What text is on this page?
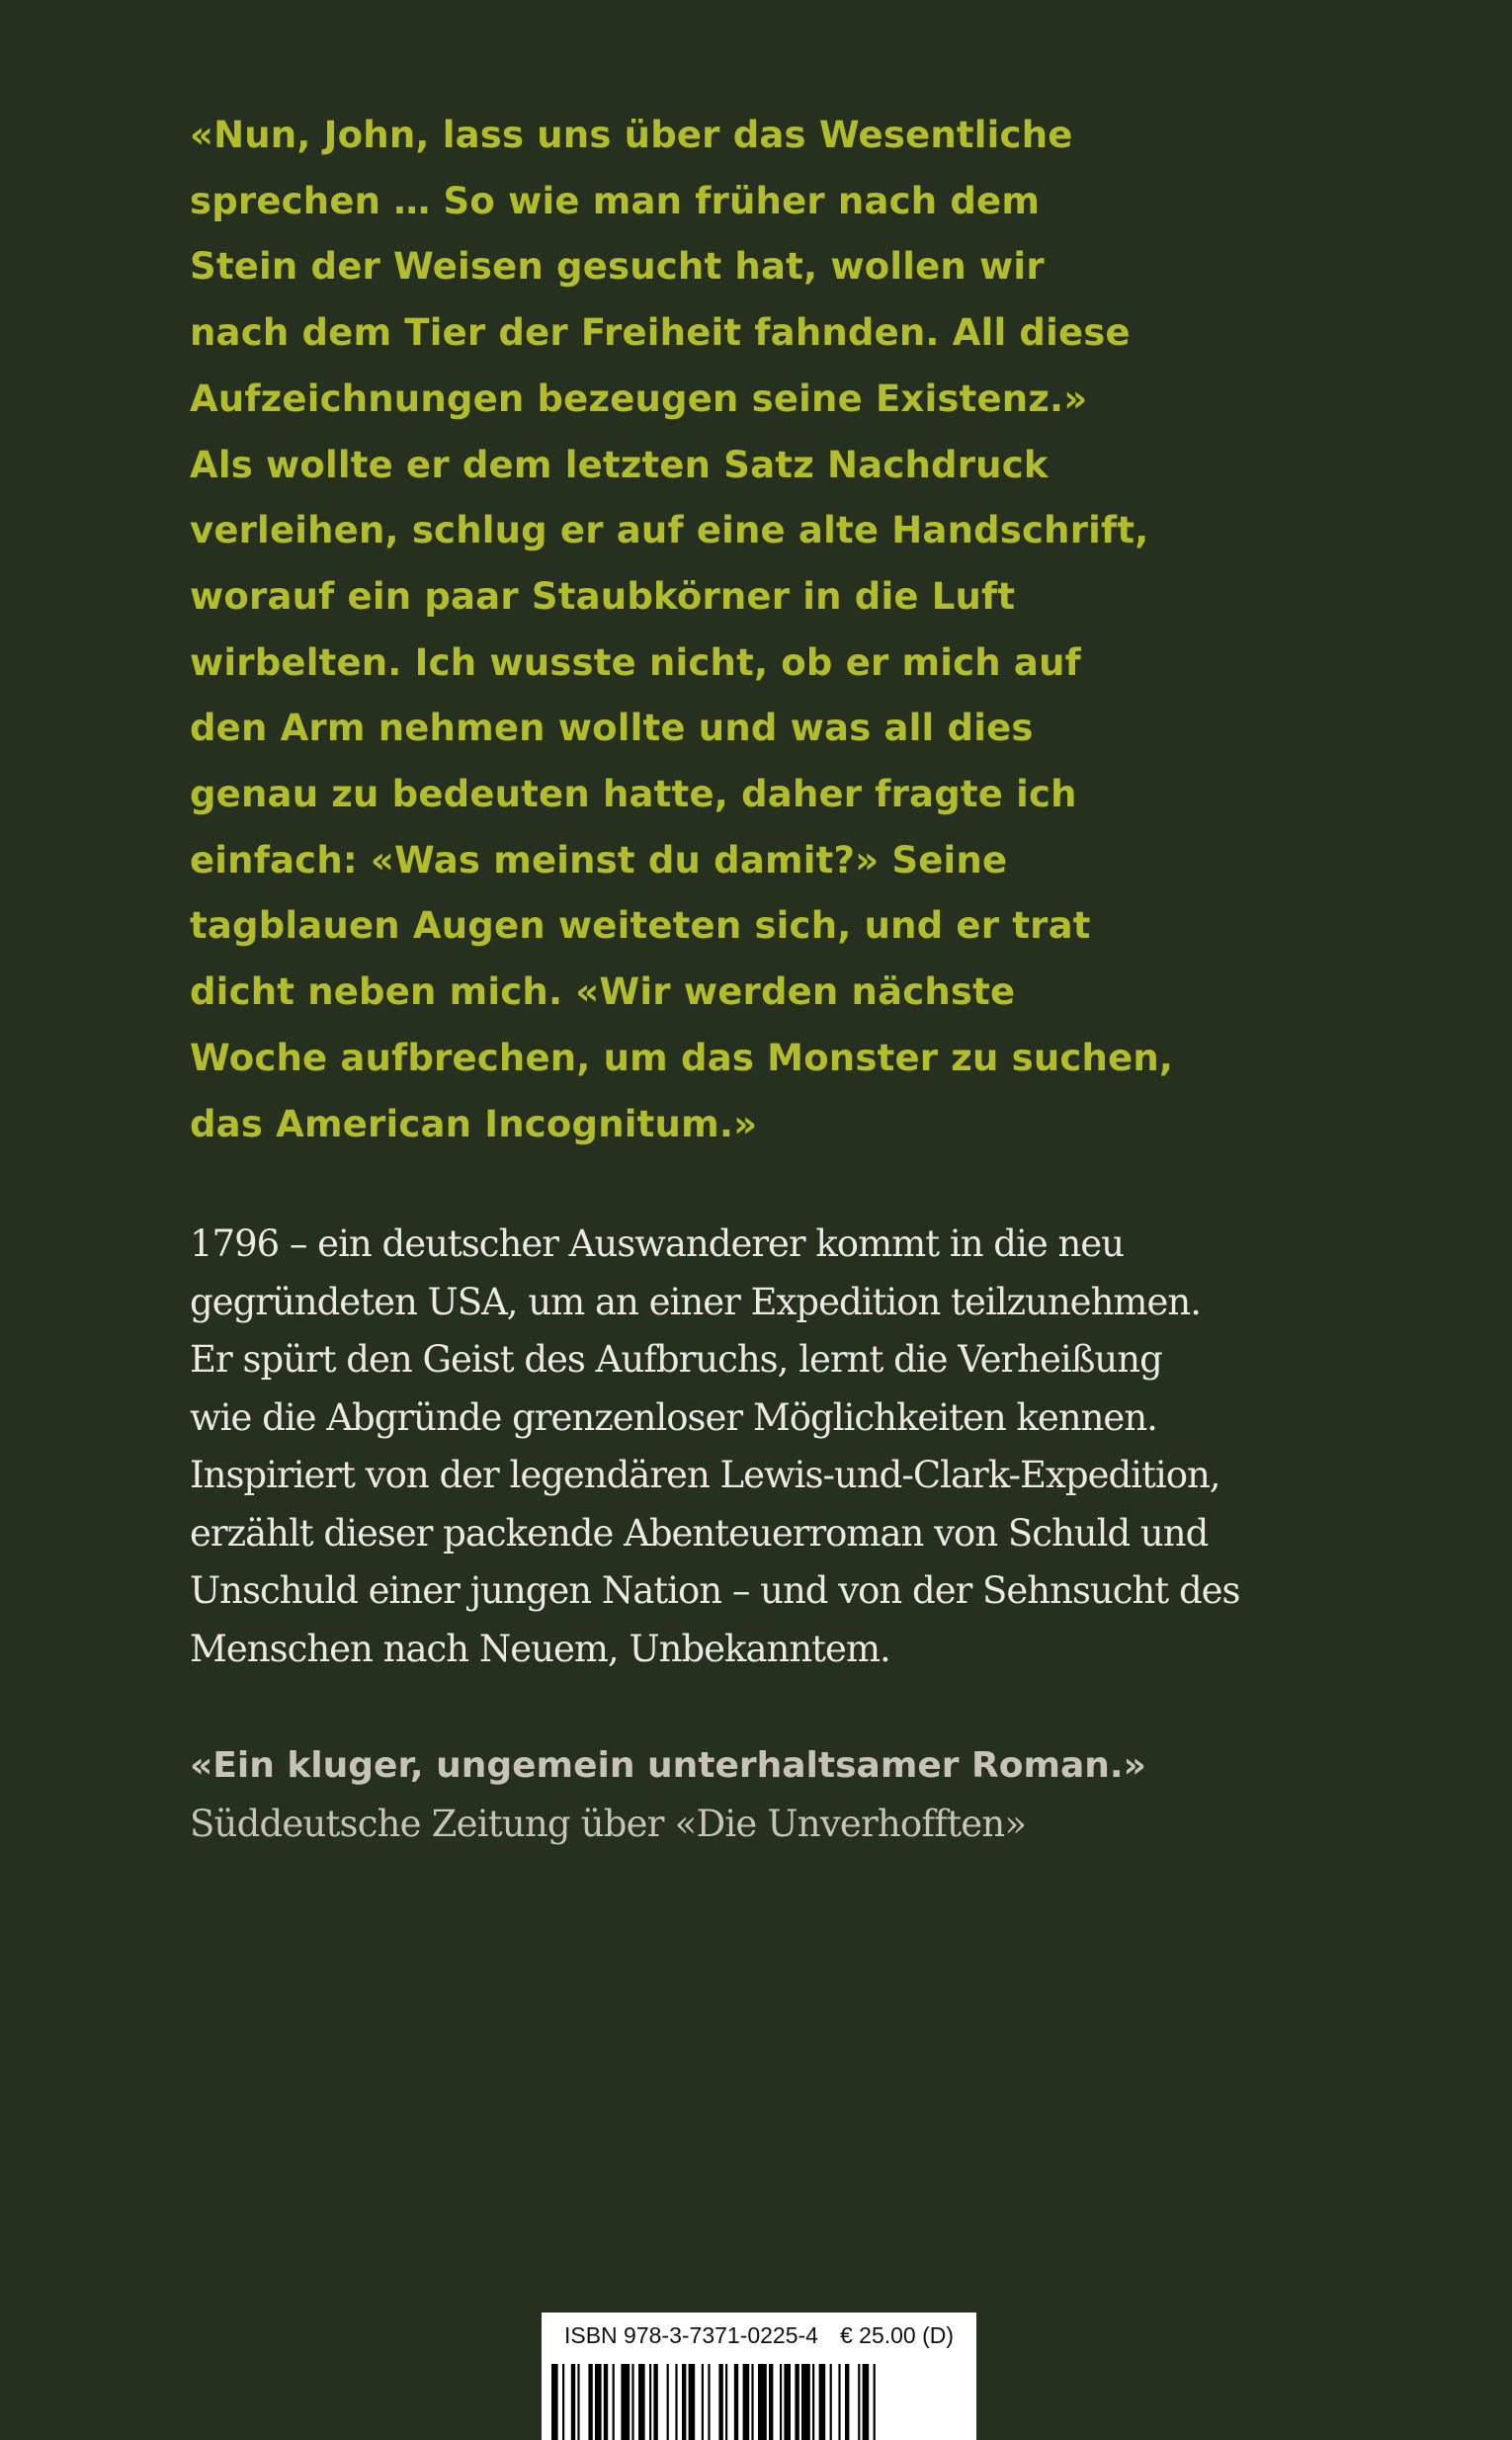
«Nun, John, lass uns über das Wesentliche
sprechen … So wie man früher nach dem
Stein der Weisen gesucht hat, wollen wir
nach dem Tier der Freiheit fahnden. All diese
Aufzeichnungen bezeugen seine Existenz.»
Als wollte er dem letzten Satz Nachdruck
verleihen, schlug er auf eine alte Handschrift,
worauf ein paar Staubkörner in die Luft
wirbelten. Ich wusste nicht, ob er mich auf
den Arm nehmen wollte und was all dies
genau zu bedeuten hatte, daher fragte ich
einfach: «Was meinst du damit?» Seine
tagblauen Augen weiteten sich, und er trat
dicht neben mich. «Wir werden nächste
Woche aufbrechen, um das Monster zu suchen,
das American Incognitum.»
1796 – ein deutscher Auswanderer kommt in die neu
gegründeten USA, um an einer Expedition teilzunehmen.
Er spürt den Geist des Aufbruchs, lernt die Verheißung
wie die Abgründe grenzenloser Möglichkeiten kennen.
Inspiriert von der legendären Lewis-und-Clark-Expedition,
erzählt dieser packende Abenteuerroman von Schuld und
Unschuld einer jungen Nation – und von der Sehnsucht des
Menschen nach Neuem, Unbekanntem.
«Ein kluger, ungemein unterhaltsamer Roman.»
Süddeutsche Zeitung über «Die Unverhofften»
ISBN 978-3-7371-0225-4 € 25.00 (D)
